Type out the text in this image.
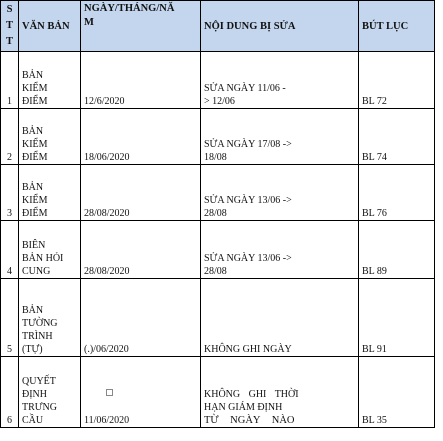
S T T	VĂN BẢN	NGÀY/THÁNG/NĂ
M	NỘI DUNG BỊ SỬA	BÚT LỤC
1	BẢN
KIỂM
ĐIỂM	12/6/2020	SỬA NGÀY 11/06 -
> 12/06	BL 72
2	BẢN
KIỂM
ĐIỂM	18/06/2020	SỬA NGÀY 17/08 ->
18/08	BL 74
3	BẢN
KIỂM
ĐIỂM	28/08/2020	SỬA NGÀY 13/06 ->
28/08	BL 76
4	BIÊN
BẢN HỎI
CUNG	28/08/2020	SỬA NGÀY 13/06 ->
28/08	BL 89
5	BẢN
TƯỜNG
TRÌNH
(TỰ)	(.)/06/2020	KHÔNG GHI NGÀY	BL 91
6	QUYẾT
ĐỊNH
TRƯNG
CẦU	11/06/2020	KHÔNG GHI THỜI
HẠN GIÁM ĐỊNH
TỪ NGÀY NÀO	BL 35
